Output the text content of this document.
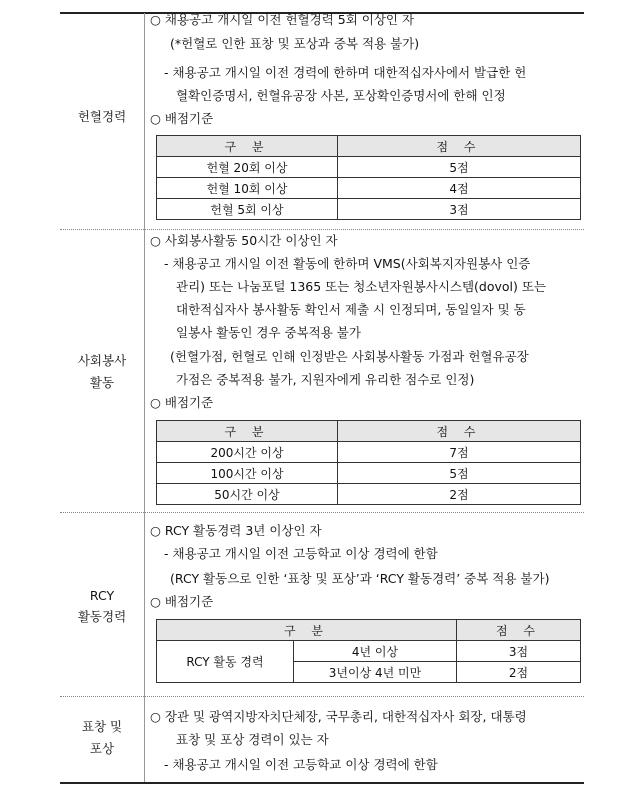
헌혈경력
○ 채용공고 개시일 이전 헌혈경력 5회 이상인 자
(*헌혈로 인한 표창 및 포상과 중복 적용 불가)
- 채용공고 개시일 이전 경력에 한하며 대한적십자사에서 발급한 헌
혈확인증명서, 헌혈유공장 사본, 포상확인증명서에 한해 인정
○ 배점기준
구 분	점 수
헌혈 20회 이상	5점
헌혈 10회 이상	4점
헌혈 5회 이상	3점
사회봉사
활동
○ 사회봉사활동 50시간 이상인 자
- 채용공고 개시일 이전 활동에 한하며 VMS(사회복지자원봉사 인증
관리) 또는 나눔포털 1365 또는 청소년자원봉사시스템(dovol) 또는
대한적십자사 봉사활동 확인서 제출 시 인정되며, 동일일자 및 동
일봉사 활동인 경우 중복적용 불가
(헌혈가점, 헌혈로 인해 인정받은 사회봉사활동 가점과 헌혈유공장
가점은 중복적용 불가, 지원자에게 유리한 점수로 인정)
○ 배점기준
구 분	점 수
200시간 이상	7점
100시간 이상	5점
50시간 이상	2점
RCY
활동경력
○ RCY 활동경력 3년 이상인 자
- 채용공고 개시일 이전 고등학교 이상 경력에 한함
(RCY 활동으로 인한 ‘표창 및 포상’과 ‘RCY 활동경력’ 중복 적용 불가)
○ 배점기준
구 분		점 수
RCY 활동 경력	4년 이상	3점
	3년이상 4년 미만	2점
표창 및
포상
○ 장관 및 광역지방자치단체장, 국무총리, 대한적십자사 회장, 대통령
표창 및 포상 경력이 있는 자
- 채용공고 개시일 이전 고등학교 이상 경력에 한함
